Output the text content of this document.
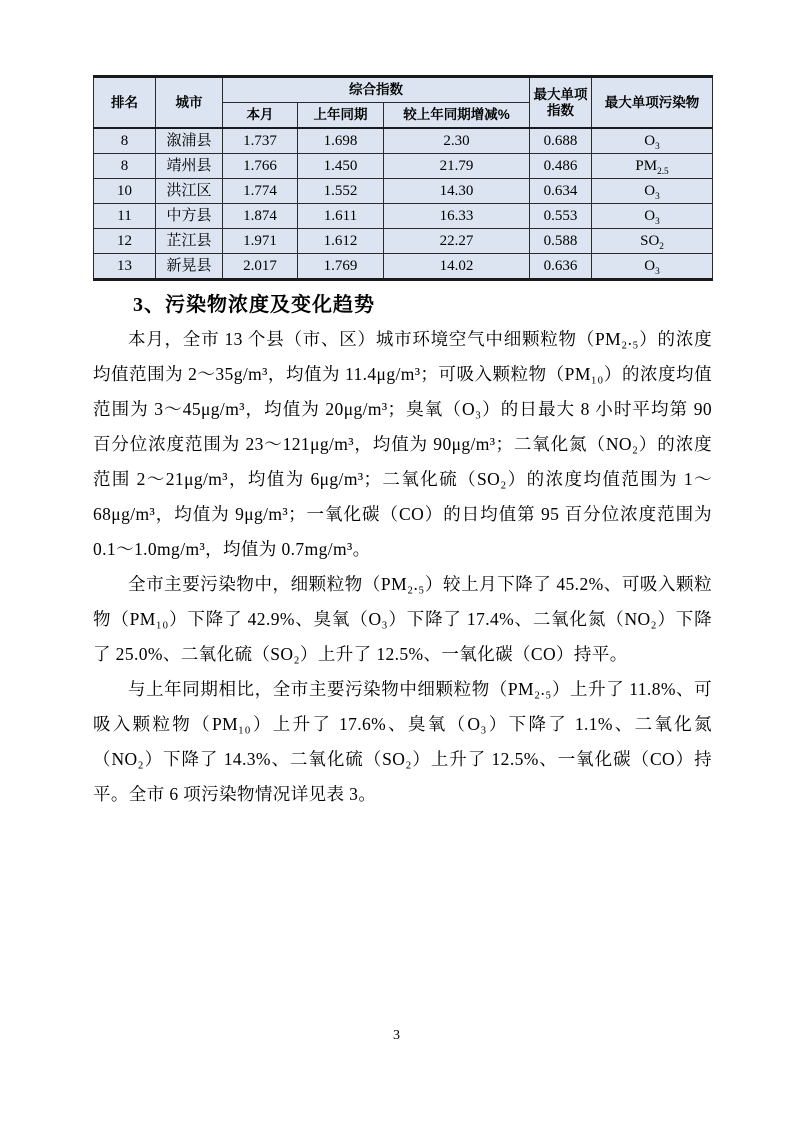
排名	城市	综合指数			最大单项指数	最大单项污染物
		本月	上年同期	较上年同期增减%		
8	溆浦县	1.737	1.698	2.30	0.688	$O_3$
8	靖州县	1.766	1.450	21.79	0.486	$PM_{2.5}$
10	洪江区	1.774	1.552	14.30	0.634	$O_3$
11	中方县	1.874	1.611	16.33	0.553	$O_3$
12	芷江县	1.971	1.612	22.27	0.588	$SO_2$
13	新晃县	2.017	1.769	14.02	0.636	$O_3$
3、污染物浓度及变化趋势

本月，全市 13 个县（市、区）城市环境空气中细颗粒物（PM₂.₅）的浓度均值范围为 2～35g/m³，均值为 11.4μg/m³；可吸入颗粒物（PM₁₀）的浓度均值范围为 3～45μg/m³，均值为 20μg/m³；臭氧（O₃）的日最大 8 小时平均第 90 百分位浓度范围为 23～121μg/m³，均值为 90μg/m³；二氧化氮（NO₂）的浓度范围 2～21μg/m³，均值为 6μg/m³；二氧化硫（SO₂）的浓度均值范围为 1～68μg/m³，均值为 9μg/m³；一氧化碳（CO）的日均值第 95 百分位浓度范围为 0.1～1.0mg/m³，均值为 0.7mg/m³。

全市主要污染物中，细颗粒物（PM₂.₅）较上月下降了 45.2%、可吸入颗粒物（PM₁₀）下降了 42.9%、臭氧（O₃）下降了 17.4%、二氧化氮（NO₂）下降了 25.0%、二氧化硫（SO₂）上升了 12.5%、一氧化碳（CO）持平。

与上年同期相比，全市主要污染物中细颗粒物（PM₂.₅）上升了 11.8%、可吸入颗粒物（PM₁₀）上升了 17.6%、臭氧（O₃）下降了 1.1%、二氧化氮（NO₂）下降了 14.3%、二氧化硫（SO₂）上升了 12.5%、一氧化碳（CO）持平。全市 6 项污染物情况详见表 3。

3
